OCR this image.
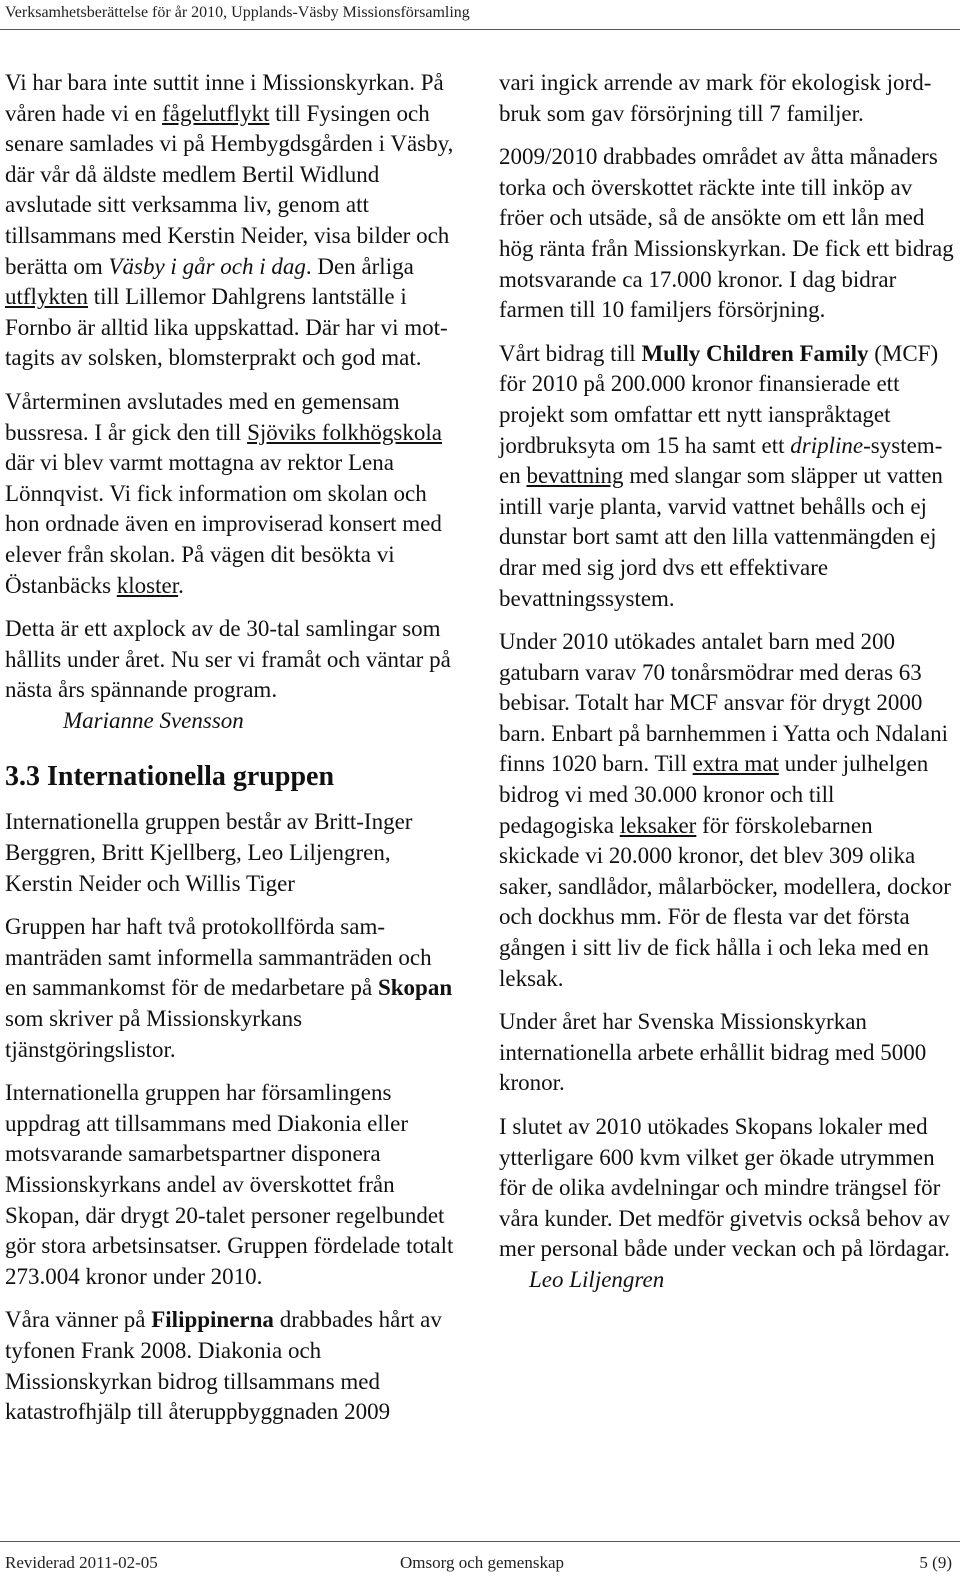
Verksamhetsberättelse för år 2010, Upplands-Väsby Missionsförsamling

Vi har bara inte suttit inne i Missionskyrkan. På våren hade vi en fågelutflykt till Fysingen och senare samlades vi på Hembygdsgården i Väsby, där vår då äldste medlem Bertil Widlund avslutade sitt verksamma liv, genom att tillsammans med Kerstin Neider, visa bilder och berätta om Väsby i går och i dag. Den årliga utflykten till Lillemor Dahlgrens lantställe i Fornbo är alltid lika uppskattad. Där har vi mottagits av solsken, blomsterprakt och god mat.

Vårterminen avslutades med en gemensam bussresa. I år gick den till Sjöviks folkhögskola där vi blev varmt mottagna av rektor Lena Lönnqvist. Vi fick information om skolan och hon ordnade även en improviserad konsert med elever från skolan. På vägen dit besökta vi Östanbäcks kloster.

Detta är ett axplock av de 30-tal samlingar som hållits under året. Nu ser vi framåt och väntar på nästa års spännande program.

Marianne Svensson
3.3 Internationella gruppen

Internationella gruppen består av Britt-Inger Berggren, Britt Kjellberg, Leo Liljengren, Kerstin Neider och Willis Tiger

Gruppen har haft två protokollförda sammanträden samt informella sammanträden och en sammankomst för de medarbetare på Skopan som skriver på Missionskyrkans tjänstgöringslistor.

Internationella gruppen har församlingens uppdrag att tillsammans med Diakonia eller motsvarande samarbetspartner disponera Missionskyrkans andel av överskottet från Skopan, där drygt 20-talet personer regelbundet gör stora arbetsinsatser. Gruppen fördelade totalt 273.004 kronor under 2010.

Våra vänner på Filippinerna drabbades hårt av tyfonen Frank 2008. Diakonia och Missionskyrkan bidrog tillsammans med katastrofhjälp till återuppbyggnaden 2009

vari ingick arrende av mark för ekologisk jord-bruk som gav försörjning till 7 familjer.

2009/2010 drabbades området av åtta månaders torka och överskottet räckte inte till inköp av fröer och utsäde, så de ansökte om ett lån med hög ränta från Missionskyrkan. De fick ett bidrag motsvarande ca 17.000 kronor. I dag bidrar farmen till 10 familjers försörjning.

Vårt bidrag till Mully Children Family (MCF) för 2010 på 200.000 kronor finansierade ett projekt som omfattar ett nytt ianspråktaget jordbruksyta om 15 ha samt ett dripline-system- en bevattning med slangar som släpper ut vatten intill varje planta, varvid vattnet behålls och ej dunstar bort samt att den lilla vattenmängden ej drar med sig jord dvs ett effektivare bevattningssystem.

Under 2010 utökades antalet barn med 200 gatubarn varav 70 tonårsmödrar med deras 63 bebisar. Totalt har MCF ansvar för drygt 2000 barn. Enbart på barnhemmen i Yatta och Ndalani finns 1020 barn. Till extra mat under julhelgen bidrog vi med 30.000 kronor och till pedagogiska leksaker för förskolebarnen skickade vi 20.000 kronor, det blev 309 olika saker, sandlådor, målarböcker, modellera, dockor och dockhus mm. För de flesta var det första gången i sitt liv de fick hålla i och leka med en leksak.

Under året har Svenska Missionskyrkan internationella arbete erhållit bidrag med 5000 kronor.

I slutet av 2010 utökades Skopans lokaler med ytterligare 600 kvm vilket ger ökade utrymmen för de olika avdelningar och mindre trängsel för våra kunder. Det medför givetvis också behov av mer personal både under veckan och på lördagar.

Leo Liljengren
Reviderad 2011-02-05	Omsorg och gemenskap	5 (9)
